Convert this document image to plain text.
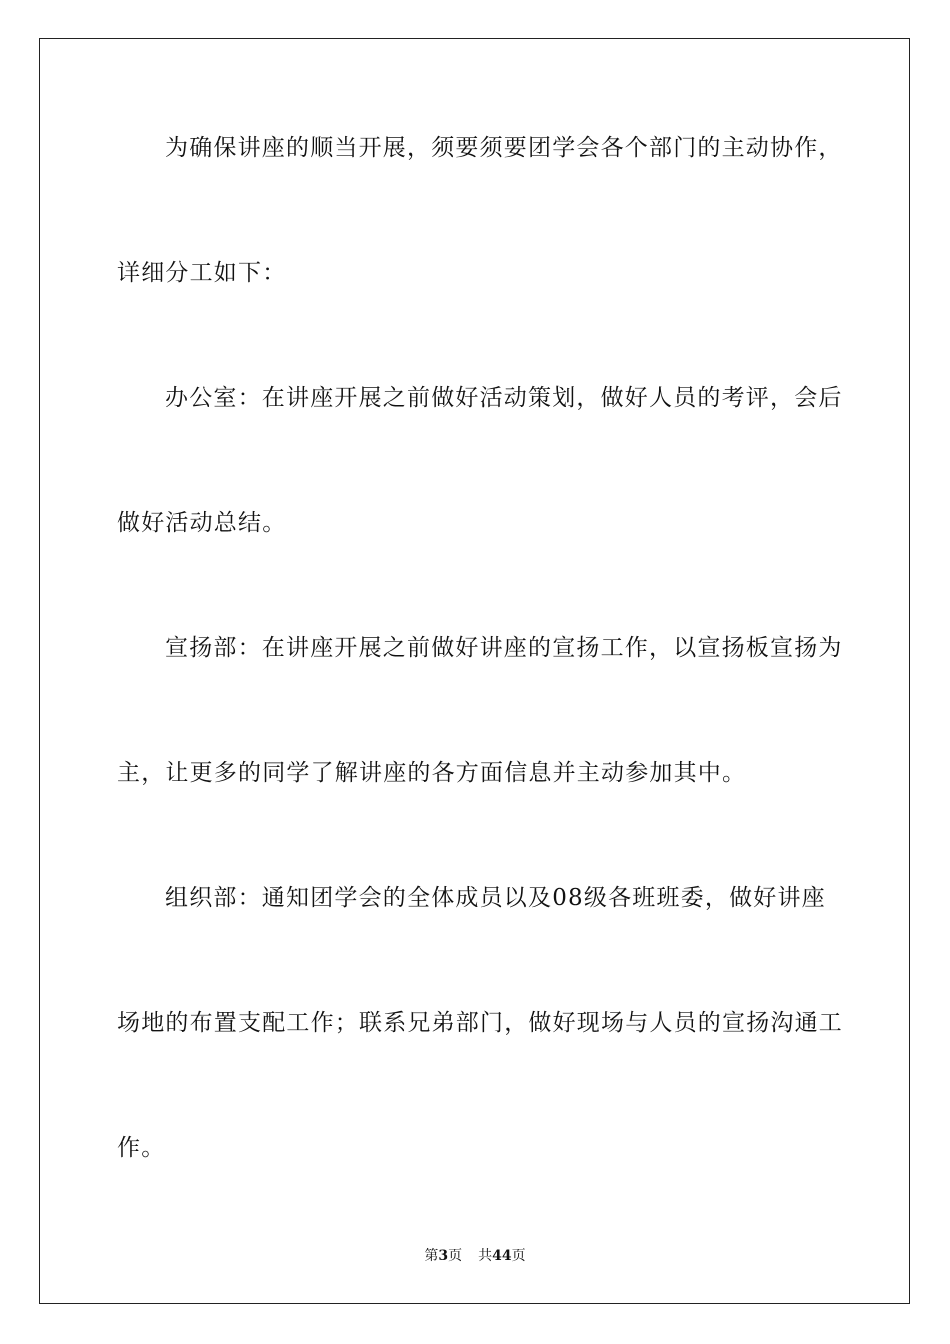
为确保讲座的顺当开展，须要须要团学会各个部门的主动协作，
详细分工如下：
办公室：在讲座开展之前做好活动策划，做好人员的考评，会后
做好活动总结。
宣扬部：在讲座开展之前做好讲座的宣扬工作，以宣扬板宣扬为
主，让更多的同学了解讲座的各方面信息并主动参加其中。
组织部：通知团学会的全体成员以及08级各班班委，做好讲座
场地的布置支配工作；联系兄弟部门，做好现场与人员的宣扬沟通工
作。
第3页 共44页
